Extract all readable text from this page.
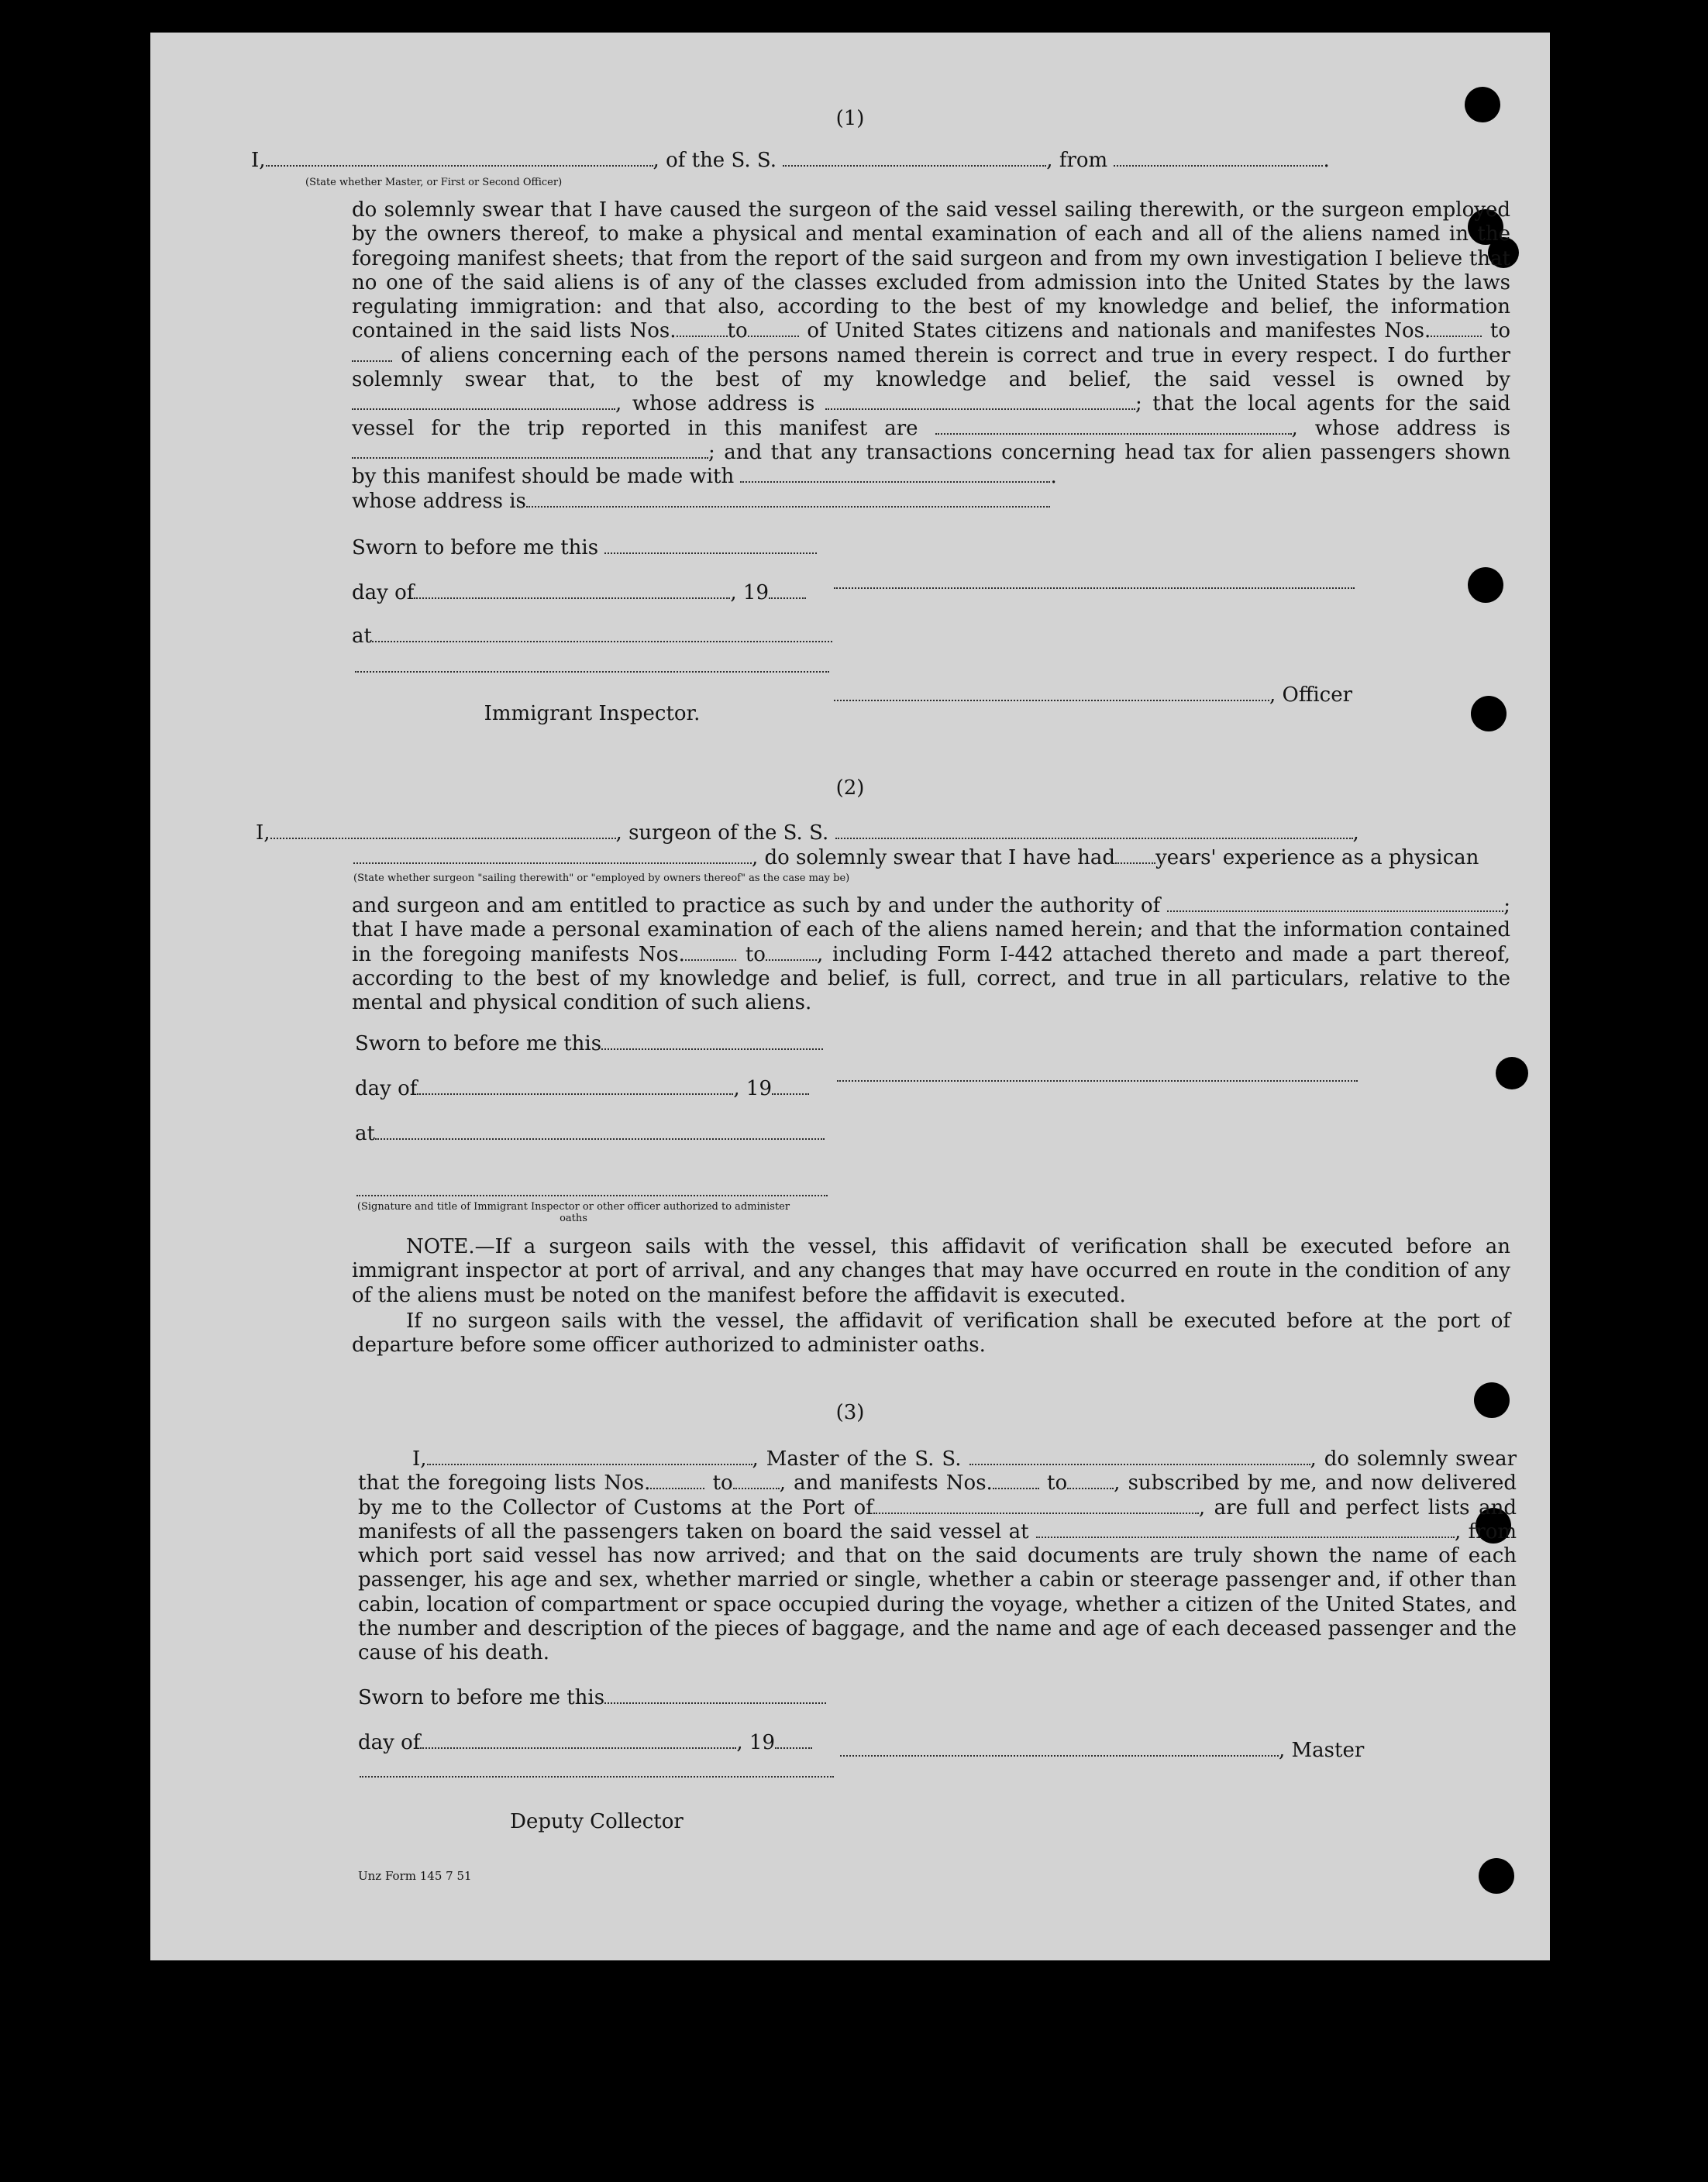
(1)
I,	, of the S. S.	, from	.
(State whether Master, or First or Second Officer)
do solemnly swear that I have caused the surgeon of the said vessel sailing therewith, or the surgeon employed by the owners thereof, to make a physical and mental examination of each and all of the aliens named in the foregoing manifest sheets; that from the report of the said surgeon and from my own investigation I believe that no one of the said aliens is of any of the classes excluded from admission into the United States by the laws regulating immigration: and that also, according to the best of my knowledge and belief, the information contained in the said lists Nos.	to	of United States citizens and nationals and manifestes Nos.	to  of aliens concerning each of the persons named therein is correct and true in every respect. I do further solemnly swear that, to the best of my knowledge and belief, the said vessel is owned by , whose address is	; that the local agents for the said vessel for the trip reported in this manifest are	, whose address is ; and that any transactions concerning head tax for alien passengers shown by this manifest should be made with	.
whose address is
Sworn to before me this
day of	, 19
at
Immigrant Inspector.
, Officer
(2)
I,	, surgeon of the S. S.	,
, do solemnly swear that I have had years' experience as a physican
(State whether surgeon "sailing therewith" or "employed by owners thereof" as the case may be)
and surgeon and am entitled to practice as such by and under the authority of	; that I have made a personal examination of each of the aliens named herein; and that the information contained in the foregoing manifests Nos.	to	, including Form I-442 attached thereto and made a part thereof, according to the best of my knowledge and belief, is full, correct, and true in all particulars, relative to the mental and physical condition of such aliens.
Sworn to before me this
day of	, 19
at
(Signature and title of Immigrant Inspector or other officer authorized to administer oaths
NOTE.—If a surgeon sails with the vessel, this affidavit of verification shall be executed before an immigrant inspector at port of arrival, and any changes that may have occurred en route in the condition of any of the aliens must be noted on the manifest before the affidavit is executed.
If no surgeon sails with the vessel, the affidavit of verification shall be executed before at the port of departure before some officer authorized to administer oaths.
(3)
I,	, Master of the S. S.	, do solemnly swear that the foregoing lists Nos.	to , and manifests Nos.	to , subscribed by me, and now delivered by me to the Collector of Customs at the Port of	, are full and perfect lists and manifests of all the passengers taken on board the said vessel at	, from which port said vessel has now arrived; and that on the said documents are truly shown the name of each passenger, his age and sex, whether married or single, whether a cabin or steerage passenger and, if other than cabin, location of compartment or space occupied during the voyage, whether a citizen of the United States, and the number and description of the pieces of baggage, and the name and age of each deceased passenger and the cause of his death.
Sworn to before me this
day of	, 19	, Master
Deputy Collector
Unz Form 145 7 51
